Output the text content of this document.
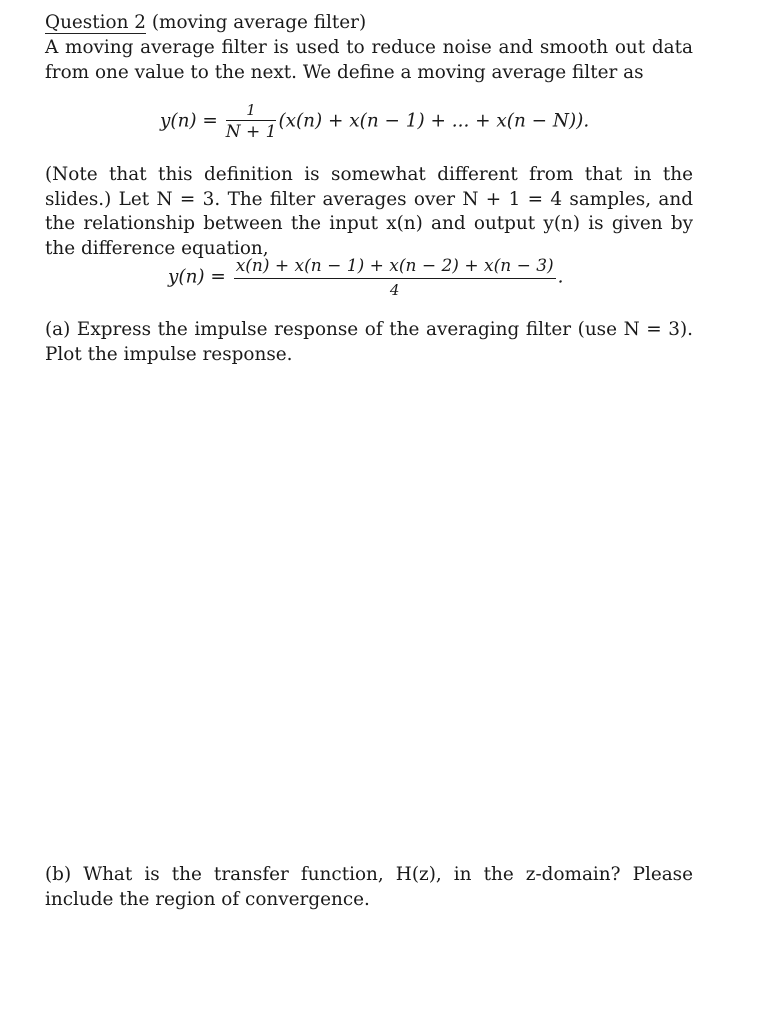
Question 2 (moving average filter)
A moving average filter is used to reduce noise and smooth out data from one value to the next. We define a moving average filter as
$y(n) = \frac{1}{N + 1} (x(n) + x(n - 1)$ + ... + x(n − N)).
(Note that this definition is somewhat different from that in the slides.) Let N = 3. The filter averages over N + 1 = 4 samples, and the relationship between the input x(n) and output y(n) is given by the difference equation,
$y(n) = \frac{x(n) + x(n - 1) + x(n - 2) + x(n - 3)}{4}$ .
(a) Express the impulse response of the averaging filter (use N = 3). Plot the impulse response.
(b) What is the transfer function, H(z), in the z-domain? Please include the region of convergence.
